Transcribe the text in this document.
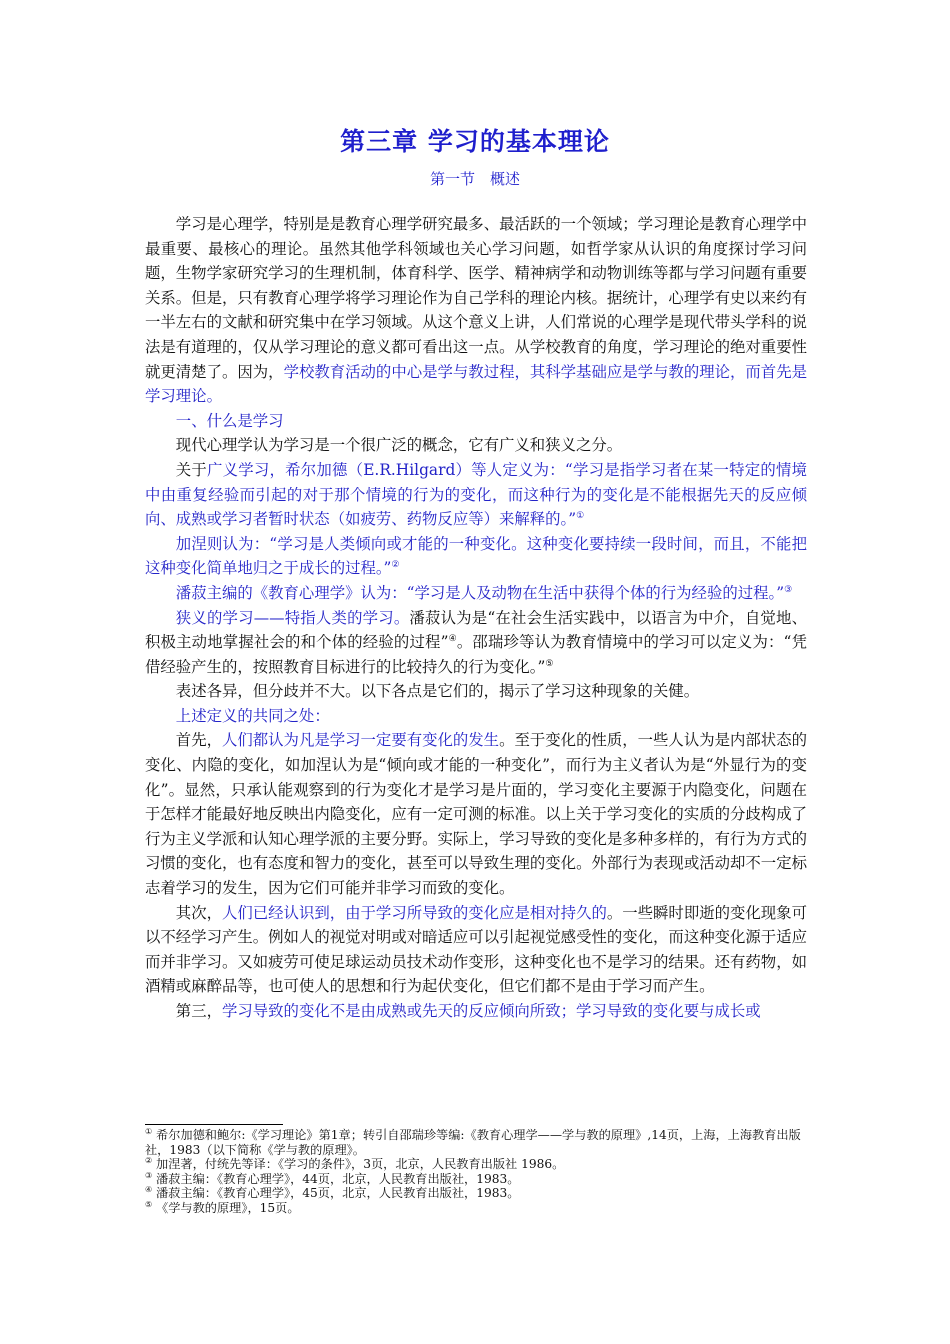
第三章 学习的基本理论
第一节　概述

学习是心理学，特别是是教育心理学研究最多、最活跃的一个领域；学习理论是教育心理学中最重要、最核心的理论。虽然其他学科领域也关心学习问题，如哲学家从认识的角度探讨学习问题，生物学家研究学习的生理机制，体育科学、医学、精神病学和动物训练等都与学习问题有重要关系。但是，只有教育心理学将学习理论作为自己学科的理论内核。据统计，心理学有史以来约有一半左右的文献和研究集中在学习领域。从这个意义上讲，人们常说的心理学是现代带头学科的说法是有道理的，仅从学习理论的意义都可看出这一点。从学校教育的角度，学习理论的绝对重要性就更清楚了。因为，学校教育活动的中心是学与教过程，其科学基础应是学与教的理论，而首先是学习理论。

一、什么是学习

现代心理学认为学习是一个很广泛的概念，它有广义和狭义之分。

关于广义学习，希尔加德（E.R.Hilgard）等人定义为：“学习是指学习者在某一特定的情境中由重复经验而引起的对于那个情境的行为的变化，而这种行为的变化是不能根据先天的反应倾向、成熟或学习者暂时状态（如疲劳、药物反应等）来解释的。”①

加涅则认为：“学习是人类倾向或才能的一种变化。这种变化要持续一段时间，而且，不能把这种变化简单地归之于成长的过程。”②

潘菽主编的《教育心理学》认为：“学习是人及动物在生活中获得个体的行为经验的过程。”③

狭义的学习——特指人类的学习。潘菽认为是“在社会生活实践中，以语言为中介，自觉地、积极主动地掌握社会的和个体的经验的过程”④。邵瑞珍等认为教育情境中的学习可以定义为：“凭借经验产生的，按照教育目标进行的比较持久的行为变化。”⑤

表述各异，但分歧并不大。以下各点是它们的，揭示了学习这种现象的关健。

上述定义的共同之处：

首先，人们都认为凡是学习一定要有变化的发生。至于变化的性质，一些人认为是内部状态的变化、内隐的变化，如加涅认为是“倾向或才能的一种变化”，而行为主义者认为是“外显行为的变化”。显然，只承认能观察到的行为变化才是学习是片面的，学习变化主要源于内隐变化，问题在于怎样才能最好地反映出内隐变化，应有一定可测的标准。以上关于学习变化的实质的分歧构成了行为主义学派和认知心理学派的主要分野。实际上，学习导致的变化是多种多样的，有行为方式的习惯的变化，也有态度和智力的变化，甚至可以导致生理的变化。外部行为表现或活动却不一定标志着学习的发生，因为它们可能并非学习而致的变化。

其次，人们已经认识到，由于学习所导致的变化应是相对持久的。一些瞬时即逝的变化现象可以不经学习产生。例如人的视觉对明或对暗适应可以引起视觉感受性的变化，而这种变化源于适应而并非学习。又如疲劳可使足球运动员技术动作变形，这种变化也不是学习的结果。还有药物，如酒精或麻醉品等，也可使人的思想和行为起伏变化，但它们都不是由于学习而产生。

第三，学习导致的变化不是由成熟或先天的反应倾向所致；学习导致的变化要与成长或

① 希尔加德和鲍尔:《学习理论》第1章；转引自邵瑞珍等编:《教育心理学——学与教的原理》,14页，上海，上海教育出版社，1983（以下简称《学与教的原理》。
② 加涅著，付统先等译：《学习的条件》，3页，北京，人民教育出版社 1986。
③ 潘菽主编：《教育心理学》，44页，北京，人民教育出版社，1983。
④ 潘菽主编：《教育心理学》，45页，北京，人民教育出版社，1983。
⑤ 《学与教的原理》，15页。
